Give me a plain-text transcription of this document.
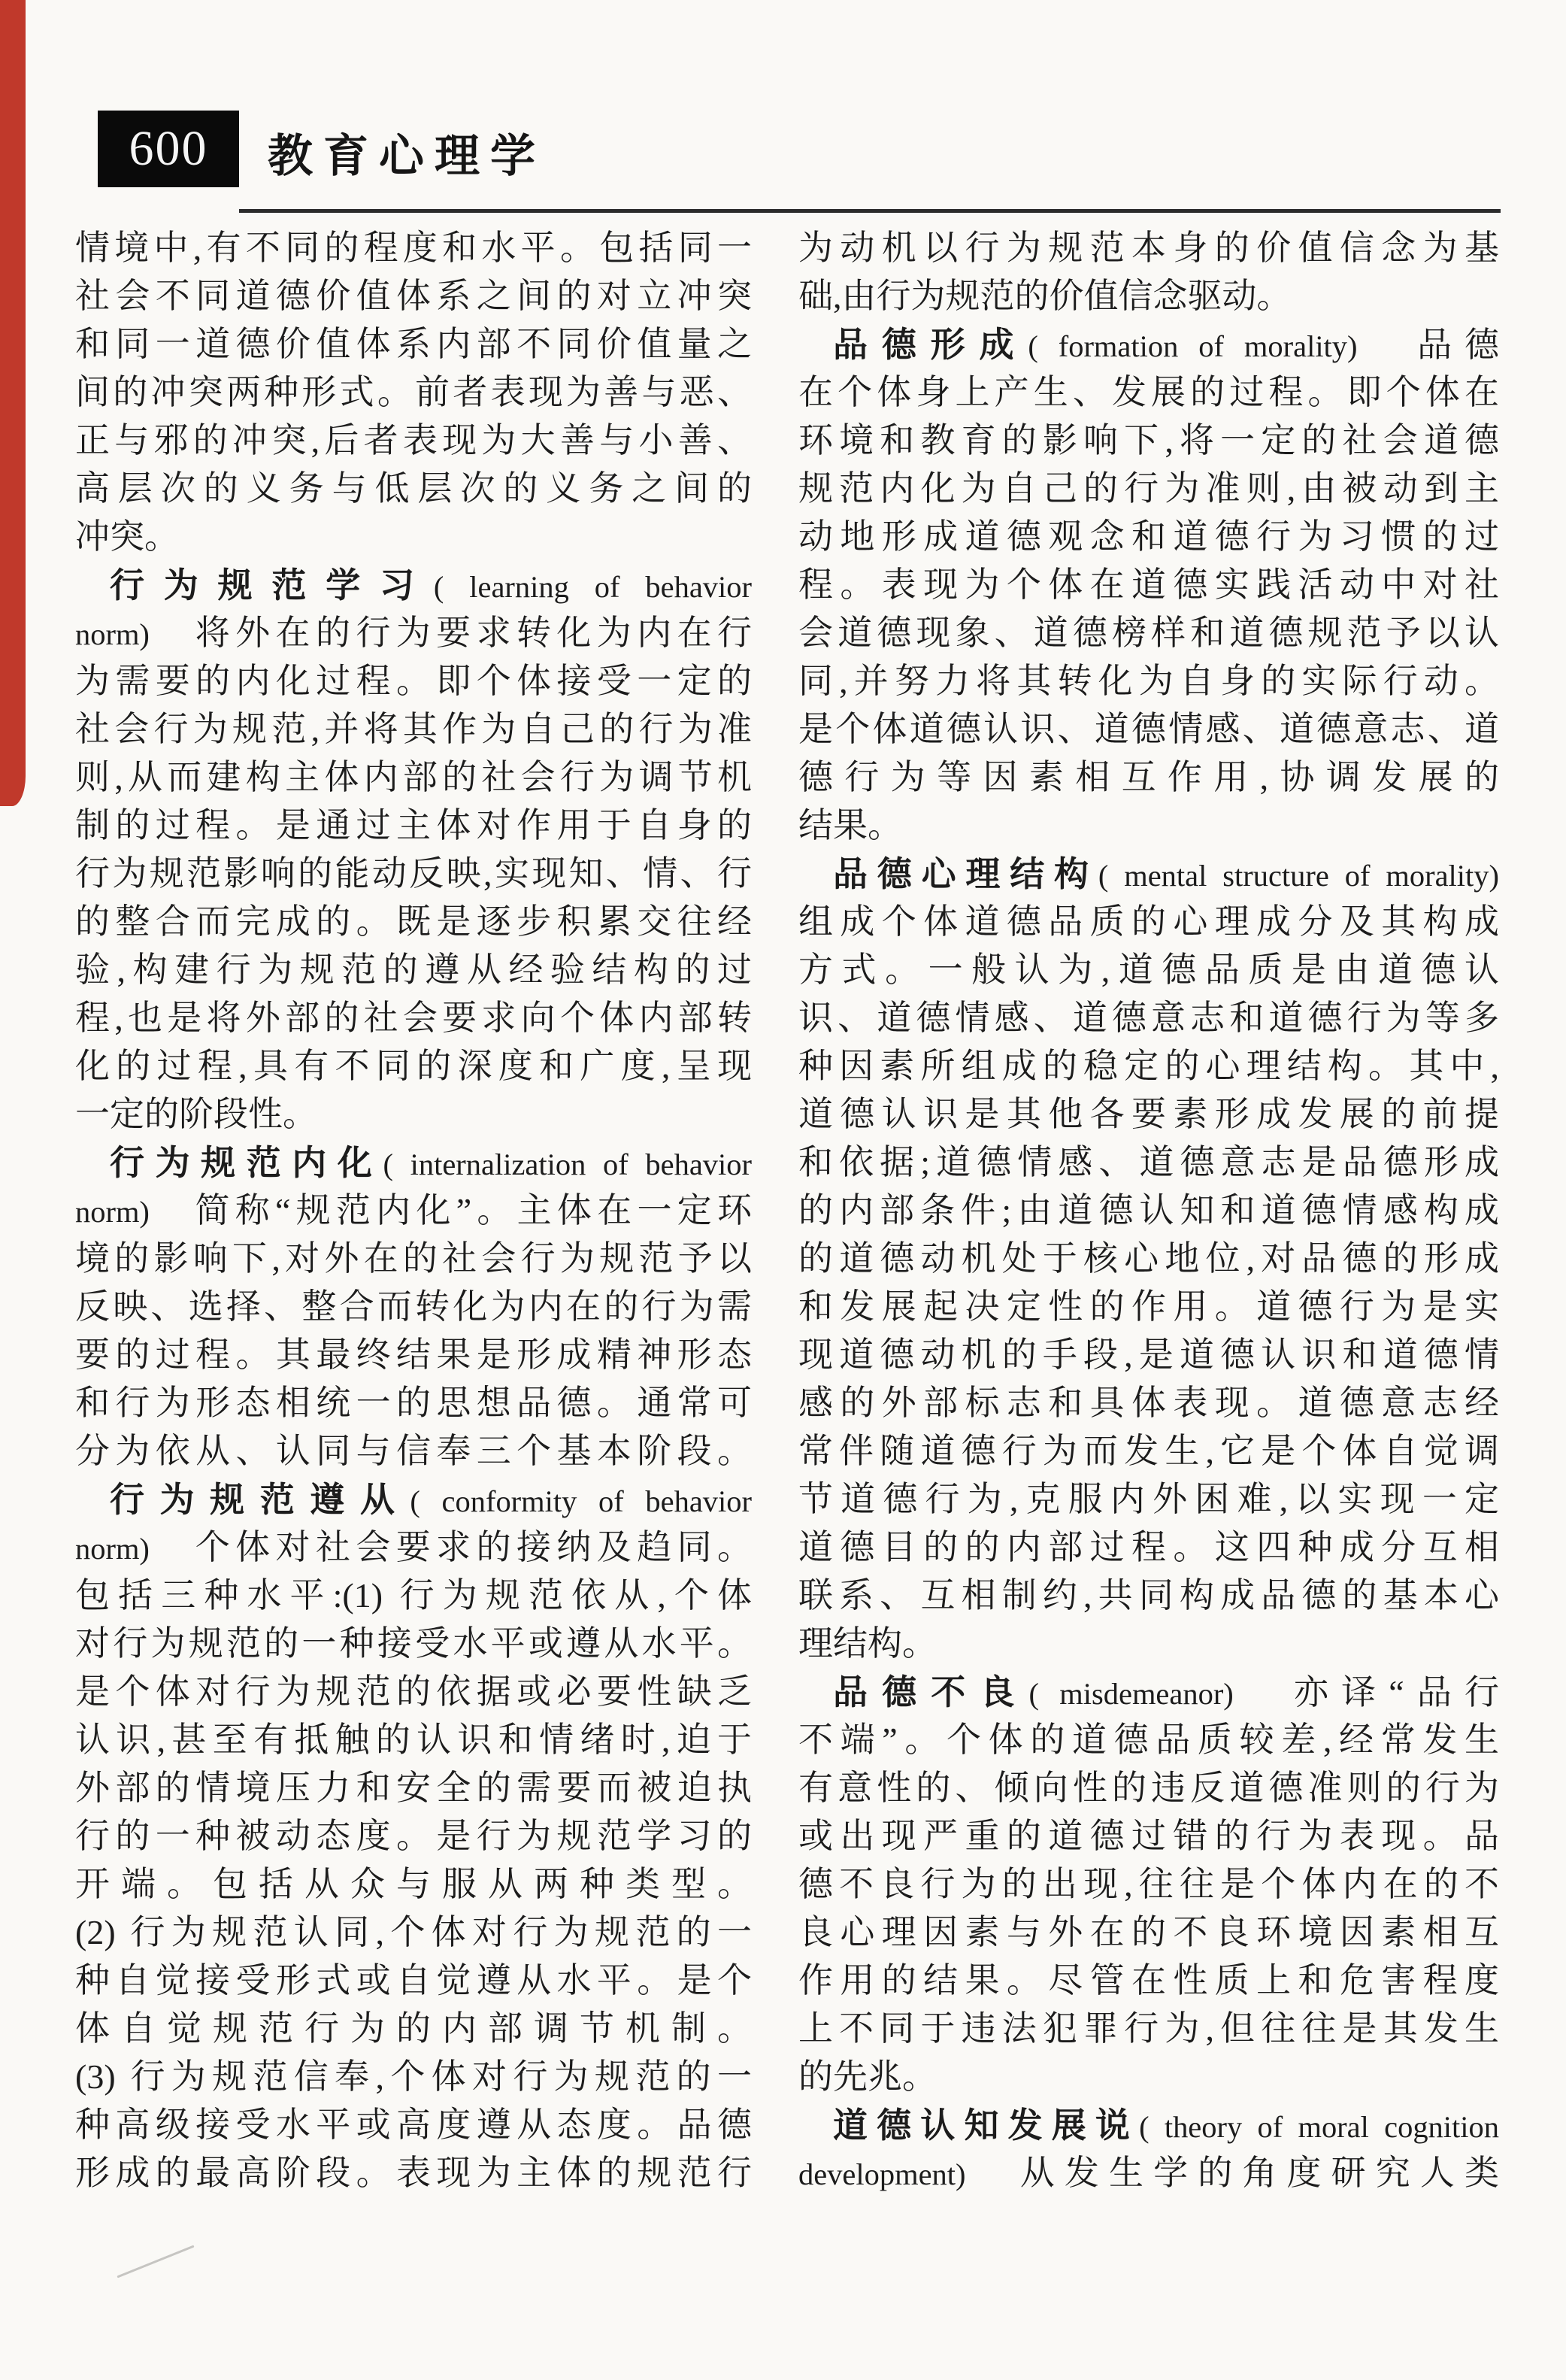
600 教育心理学
情境中,有不同的程度和水平。包括同一
社会不同道德价值体系之间的对立冲突
和同一道德价值体系内部不同价值量之
间的冲突两种形式。前者表现为善与恶、
正与邪的冲突,后者表现为大善与小善、
高层次的义务与低层次的义务之间的
冲突。
行为规范学习( learning of behavior
norm)　将外在的行为要求转化为内在行
为需要的内化过程。即个体接受一定的
社会行为规范,并将其作为自己的行为准
则,从而建构主体内部的社会行为调节机
制的过程。是通过主体对作用于自身的
行为规范影响的能动反映,实现知、情、行
的整合而完成的。既是逐步积累交往经
验,构建行为规范的遵从经验结构的过
程,也是将外部的社会要求向个体内部转
化的过程,具有不同的深度和广度,呈现
一定的阶段性。
行为规范内化( internalization of behavior
norm)　简称“规范内化”。主体在一定环
境的影响下,对外在的社会行为规范予以
反映、选择、整合而转化为内在的行为需
要的过程。其最终结果是形成精神形态
和行为形态相统一的思想品德。通常可
分为依从、认同与信奉三个基本阶段。
行为规范遵从( conformity of behavior
norm)　个体对社会要求的接纳及趋同。
包括三种水平:(1) 行为规范依从,个体
对行为规范的一种接受水平或遵从水平。
是个体对行为规范的依据或必要性缺乏
认识,甚至有抵触的认识和情绪时,迫于
外部的情境压力和安全的需要而被迫执
行的一种被动态度。是行为规范学习的
开端。包括从众与服从两种类型。
(2) 行为规范认同,个体对行为规范的一
种自觉接受形式或自觉遵从水平。是个
体自觉规范行为的内部调节机制。
(3) 行为规范信奉,个体对行为规范的一
种高级接受水平或高度遵从态度。品德
形成的最高阶段。表现为主体的规范行
为动机以行为规范本身的价值信念为基
础,由行为规范的价值信念驱动。
品德形成( formation of morality)　品德
在个体身上产生、发展的过程。即个体在
环境和教育的影响下,将一定的社会道德
规范内化为自己的行为准则,由被动到主
动地形成道德观念和道德行为习惯的过
程。表现为个体在道德实践活动中对社
会道德现象、道德榜样和道德规范予以认
同,并努力将其转化为自身的实际行动。
是个体道德认识、道德情感、道德意志、道
德行为等因素相互作用,协调发展的
结果。
品德心理结构( mental structure of morality)
组成个体道德品质的心理成分及其构成
方式。一般认为,道德品质是由道德认
识、道德情感、道德意志和道德行为等多
种因素所组成的稳定的心理结构。其中,
道德认识是其他各要素形成发展的前提
和依据;道德情感、道德意志是品德形成
的内部条件;由道德认知和道德情感构成
的道德动机处于核心地位,对品德的形成
和发展起决定性的作用。道德行为是实
现道德动机的手段,是道德认识和道德情
感的外部标志和具体表现。道德意志经
常伴随道德行为而发生,它是个体自觉调
节道德行为,克服内外困难,以实现一定
道德目的的内部过程。这四种成分互相
联系、互相制约,共同构成品德的基本心
理结构。
品德不良( misdemeanor)　亦译“品行
不端”。个体的道德品质较差,经常发生
有意性的、倾向性的违反道德准则的行为
或出现严重的道德过错的行为表现。品
德不良行为的出现,往往是个体内在的不
良心理因素与外在的不良环境因素相互
作用的结果。尽管在性质上和危害程度
上不同于违法犯罪行为,但往往是其发生
的先兆。
道德认知发展说( theory of moral cognition
development)　从发生学的角度研究人类
